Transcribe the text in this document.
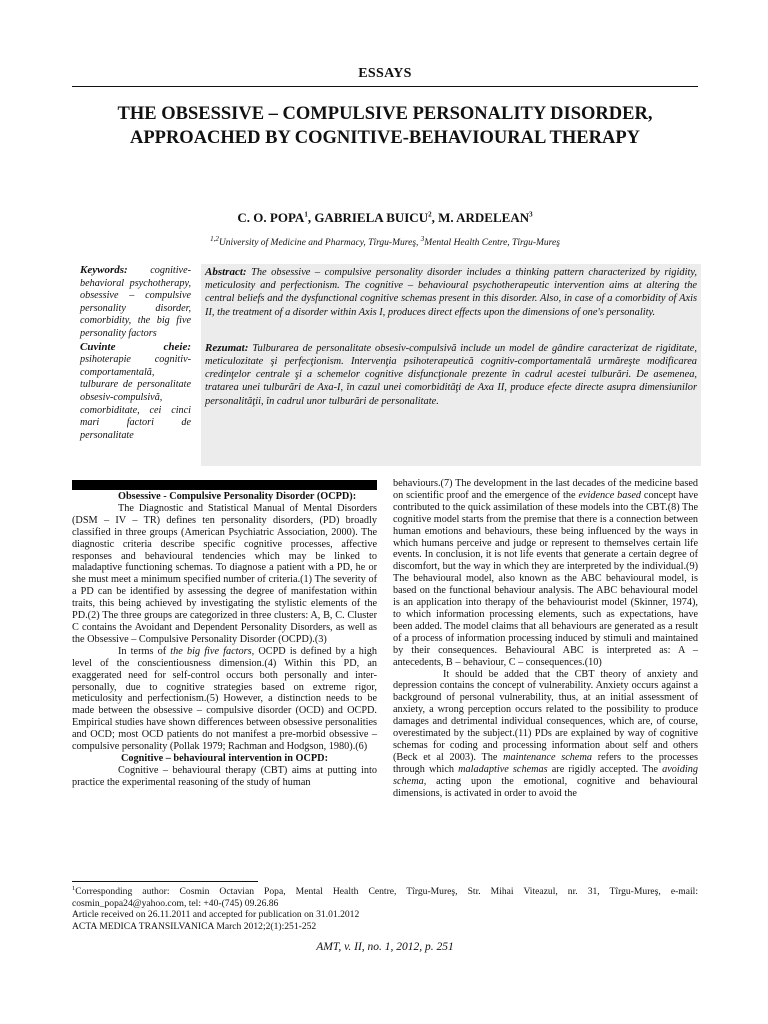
ESSAYS
THE OBSESSIVE – COMPULSIVE PERSONALITY DISORDER,
APPROACHED BY COGNITIVE-BEHAVIOURAL THERAPY
C. O. POPA$^1$, GABRIELA BUICU$^2$, M. ARDELEAN$^3$
$^{1,2}$University of Medicine and Pharmacy, Tîrgu-Mureş, $^3$Mental Health Centre, Tîrgu-Mureş

Keywords: cognitive-behavioral psychotherapy, obsessive – compulsive personality disorder, comorbidity, the big five personality factors

Cuvinte cheie: psihoterapie cognitiv-comportamentală, tulburare de personalitate obsesiv-compulsivă, comorbiditate, cei cinci mari factori de personalitate

Abstract: The obsessive – compulsive personality disorder includes a thinking pattern characterized by rigidity, meticulosity and perfectionism. The cognitive – behavioural psychotherapeutic intervention aims at altering the central beliefs and the dysfunctional cognitive schemas present in this disorder. Also, in case of a comorbidity of Axis II, the treatment of a disorder within Axis I, produces direct effects upon the dimensions of one's personality.

Rezumat: Tulburarea de personalitate obsesiv-compulsivă include un model de gândire caracterizat de rigiditate, meticulozitate şi perfecţionism. Intervenţia psihoterapeutică cognitiv-comportamentală urmăreşte modificarea credinţelor centrale şi a schemelor cognitive disfuncţionale prezente în cadrul acestei tulburări. De asemenea, tratarea unei tulburări de Axa-I, în cazul unei comorbidităţi de Axa II, produce efecte directe asupra dimensiunilor personalităţii, în cadrul unor tulburări de personalitate.

Obsessive - Compulsive Personality Disorder (OCPD):

The Diagnostic and Statistical Manual of Mental Disorders (DSM – IV – TR) defines ten personality disorders, (PD) broadly classified in three groups (American Psychiatric Association, 2000). The diagnostic criteria describe specific cognitive processes, affective responses and behavioural tendencies which may be linked to maladaptive functioning schemas. To diagnose a patient with a PD, he or she must meet a minimum specified number of criteria.(1) The severity of a PD can be identified by assessing the degree of manifestation within traits, this being achieved by investigating the stylistic elements of the PD.(2) The three groups are categorized in three clusters: A, B, C. Cluster C contains the Avoidant and Dependent Personality Disorders, as well as the Obsessive – Compulsive Personality Disorder (OCPD).(3)

In terms of the big five factors, OCPD is defined by a high level of the conscientiousness dimension.(4) Within this PD, an exaggerated need for self-control occurs both personally and inter-personally, due to cognitive strategies based on extreme rigor, meticulosity and perfectionism.(5) However, a distinction needs to be made between the obsessive – compulsive disorder (OCD) and OCPD. Empirical studies have shown differences between obsessive personalities and OCD; most OCD patients do not manifest a pre-morbid obsessive – compulsive personality (Pollak 1979; Rachman and Hodgson, 1980).(6)

Cognitive – behavioural intervention in OCPD:

Cognitive – behavioural therapy (CBT) aims at putting into practice the experimental reasoning of the study of human

behaviours.(7) The development in the last decades of the medicine based on scientific proof and the emergence of the evidence based concept have contributed to the quick assimilation of these models into the CBT.(8) The cognitive model starts from the premise that there is a connection between human emotions and behaviours, these being influenced by the ways in which humans perceive and judge or represent to themselves certain life events. In conclusion, it is not life events that generate a certain degree of discomfort, but the way in which they are interpreted by the individual.(9) The behavioural model, also known as the ABC behavioural model, is based on the functional behaviour analysis. The ABC behavioural model is an application into therapy of the behaviourist model (Skinner, 1974), to which information processing elements, such as expectations, have been added. The model claims that all behaviours are generated as a result of a process of information processing induced by stimuli and maintained by their consequences. Behavioural ABC is interpreted as: A – antecedents, B – behaviour, C – consequences.(10)

It should be added that the CBT theory of anxiety and depression contains the concept of vulnerability. Anxiety occurs against a background of personal vulnerability, thus, at an initial assessment of anxiety, a wrong perception occurs related to the possibility to produce damages and detrimental individual consequences, which are, of course, overestimated by the subject.(11) PDs are explained by way of cognitive schemas for coding and processing information about self and others (Beck et al 2003). The maintenance schema refers to the processes through which maladaptive schemas are rigidly accepted. The avoiding schema, acting upon the emotional, cognitive and behavioural dimensions, is activated in order to avoid the

$^1$Corresponding author: Cosmin Octavian Popa, Mental Health Centre, Tîrgu-Mureş, Str. Mihai Viteazul, nr. 31, Tîrgu-Mureş, e-mail: cosmin_popa24@yahoo.com, tel: +40-(745) 09.26.86

Article received on 26.11.2011 and accepted for publication on 31.01.2012

ACTA MEDICA TRANSILVANICA March 2012;2(1):251-252

AMT, v. II, no. 1, 2012, p. 251
